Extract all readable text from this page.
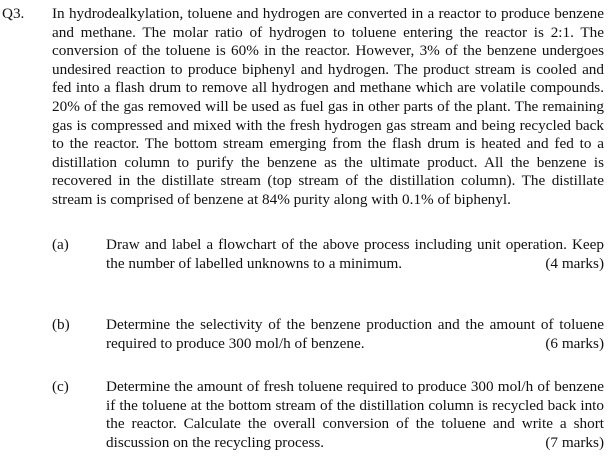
Q3. In hydrodealkylation, toluene and hydrogen are converted in a reactor to produce benzene and methane. The molar ratio of hydrogen to toluene entering the reactor is 2:1. The conversion of the toluene is 60% in the reactor. However, 3% of the benzene undergoes undesired reaction to produce biphenyl and hydrogen. The product stream is cooled and fed into a flash drum to remove all hydrogen and methane which are volatile compounds. 20% of the gas removed will be used as fuel gas in other parts of the plant. The remaining gas is compressed and mixed with the fresh hydrogen gas stream and being recycled back to the reactor. The bottom stream emerging from the flash drum is heated and fed to a distillation column to purify the benzene as the ultimate product. All the benzene is recovered in the distillate stream (top stream of the distillation column). The distillate stream is comprised of benzene at 84% purity along with 0.1% of biphenyl.
(a) Draw and label a flowchart of the above process including unit operation. Keep the number of labelled unknowns to a minimum.	(4 marks)
(b) Determine the selectivity of the benzene production and the amount of toluene required to produce 300 mol/h of benzene.	(6 marks)
(c) Determine the amount of fresh toluene required to produce 300 mol/h of benzene if the toluene at the bottom stream of the distillation column is recycled back into the reactor. Calculate the overall conversion of the toluene and write a short discussion on the recycling process.	(7 marks)
